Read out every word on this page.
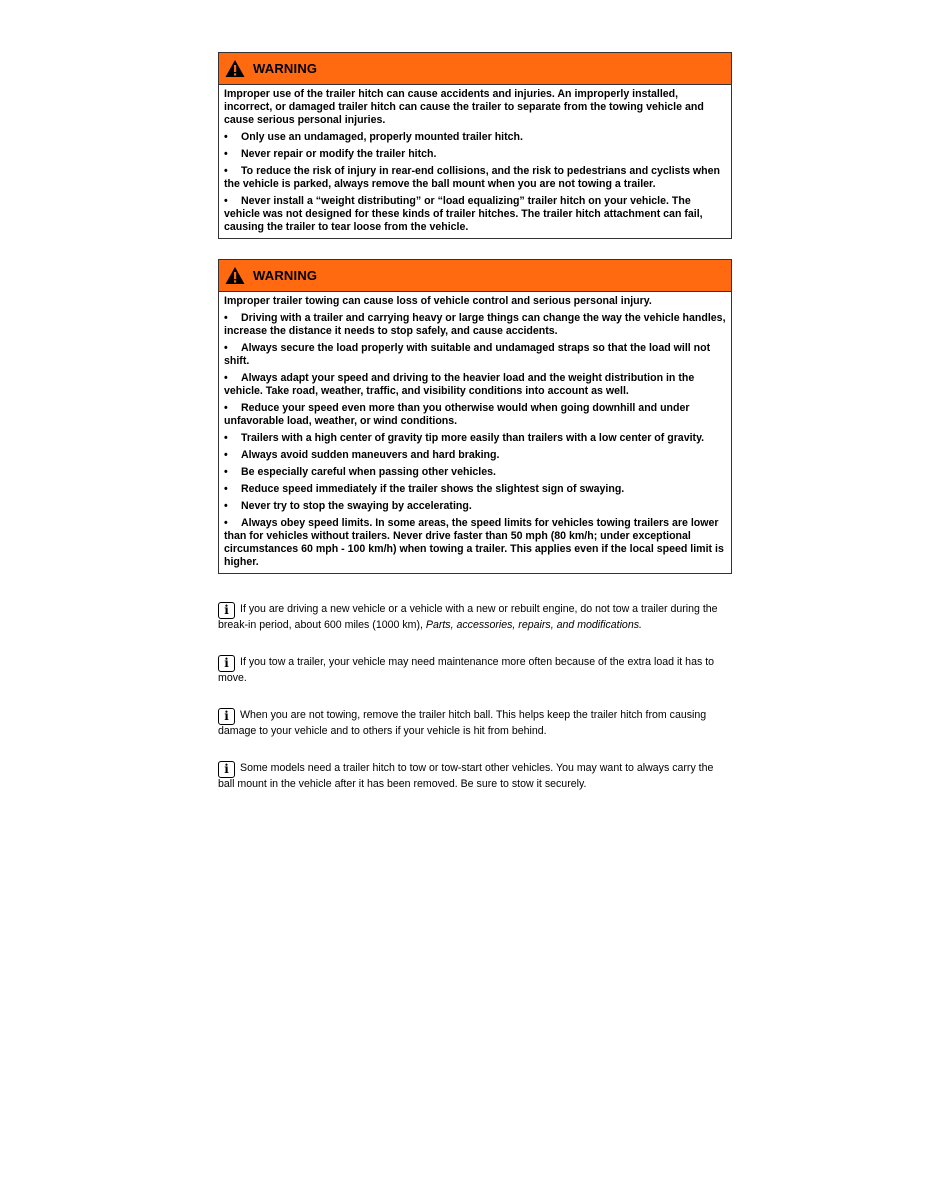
WARNING

Improper use of the trailer hitch can cause accidents and injuries. An improperly installed, incorrect, or damaged trailer hitch can cause the trailer to separate from the towing vehicle and cause serious personal injuries.

• Only use an undamaged, properly mounted trailer hitch.

• Never repair or modify the trailer hitch.

• To reduce the risk of injury in rear-end collisions, and the risk to pedestrians and cyclists when the vehicle is parked, always remove the ball mount when you are not towing a trailer.

• Never install a “weight distributing” or “load equalizing” trailer hitch on your vehicle. The vehicle was not designed for these kinds of trailer hitches. The trailer hitch attachment can fail, causing the trailer to tear loose from the vehicle.

WARNING

Improper trailer towing can cause loss of vehicle control and serious personal injury.

• Driving with a trailer and carrying heavy or large things can change the way the vehicle handles, increase the distance it needs to stop safely, and cause accidents.

• Always secure the load properly with suitable and undamaged straps so that the load will not shift.

• Always adapt your speed and driving to the heavier load and the weight distribution in the vehicle. Take road, weather, traffic, and visibility conditions into account as well.

• Reduce your speed even more than you otherwise would when going downhill and under unfavorable load, weather, or wind conditions.

• Trailers with a high center of gravity tip more easily than trailers with a low center of gravity.

• Always avoid sudden maneuvers and hard braking.

• Be especially careful when passing other vehicles.

• Reduce speed immediately if the trailer shows the slightest sign of swaying.

• Never try to stop the swaying by accelerating.

• Always obey speed limits. In some areas, the speed limits for vehicles towing trailers are lower than for vehicles without trailers. Never drive faster than 50 mph (80 km/h; under exceptional circumstances 60 mph - 100 km/h) when towing a trailer. This applies even if the local speed limit is higher.

i If you are driving a new vehicle or a vehicle with a new or rebuilt engine, do not tow a trailer during the break-in period, about 600 miles (1000 km), Parts, accessories, repairs, and modifications.
i If you tow a trailer, your vehicle may need maintenance more often because of the extra load it has to move.
i When you are not towing, remove the trailer hitch ball. This helps keep the trailer hitch from causing damage to your vehicle and to others if your vehicle is hit from behind.
i Some models need a trailer hitch to tow or tow-start other vehicles. You may want to always carry the ball mount in the vehicle after it has been removed. Be sure to stow it securely.
